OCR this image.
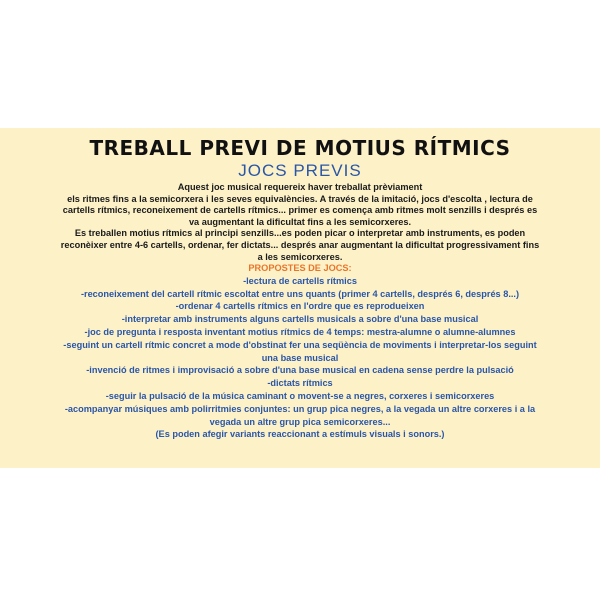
TREBALL PREVI DE MOTIUS RÍTMICS
JOCS PREVIS

Aquest joc musical requereix haver treballat prèviament

els ritmes fins a la semicorxera i les seves equivalències. A través de la imitació, jocs d'escolta , lectura de

cartells rítmics, reconeixement de cartells rítmics... primer es comença amb ritmes molt senzills i després es

va augmentant la dificultat fins a les semicorxeres.

Es treballen motius rítmics al principi senzills...es poden picar o interpretar amb instruments, es poden

reconèixer entre 4-6 cartells, ordenar, fer dictats... després anar augmentant la dificultat progressivament fins

a les semicorxeres.

PROPOSTES DE JOCS:

-lectura de cartells rítmics

-reconeixement del cartell rítmic escoltat entre uns quants (primer 4 cartells, després 6, després 8...)

-ordenar 4 cartells rítmics en l'ordre que es reprodueixen

-interpretar amb instruments alguns cartells musicals a sobre d'una base musical

-joc de pregunta i resposta inventant motius rítmics de 4 temps: mestra-alumne o alumne-alumnes

-seguint un cartell rítmic concret a mode d'obstinat fer una seqüència de moviments i interpretar-los seguint

una base musical

-invenció de ritmes i improvisació a sobre d'una base musical en cadena sense perdre la pulsació

-dictats rítmics

-seguir la pulsació de la música caminant o movent-se a negres, corxeres i semicorxeres

-acompanyar músiques amb polirritmies conjuntes: un grup pica negres, a la vegada un altre corxeres i a la

vegada un altre grup pica semicorxeres...

(Es poden afegir variants reaccionant a estímuls visuals i sonors.)
